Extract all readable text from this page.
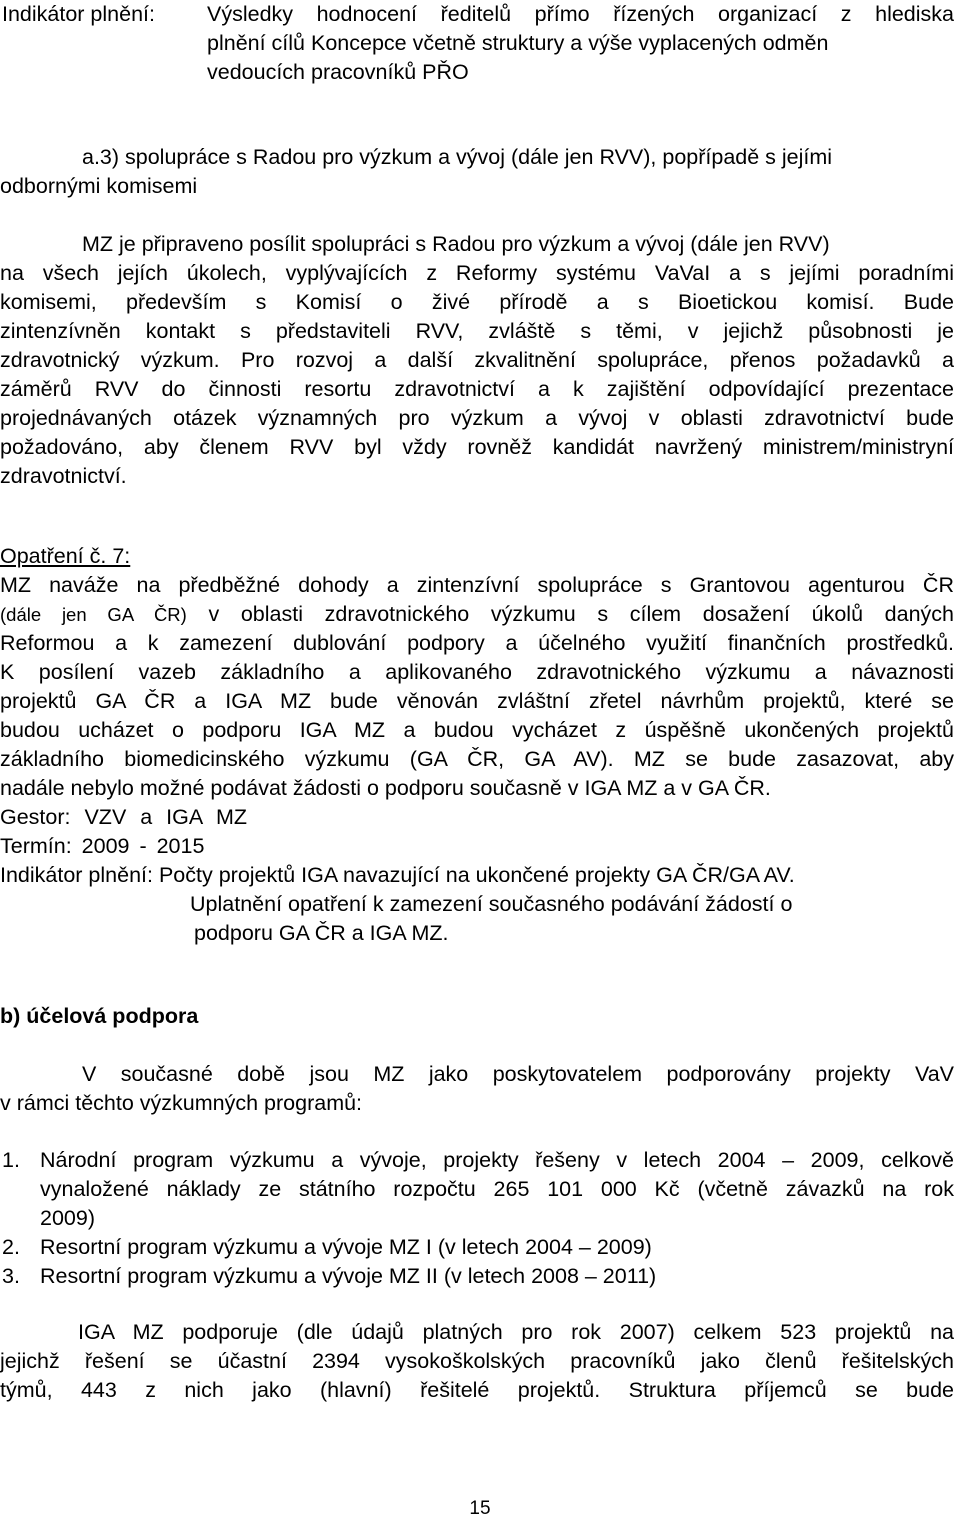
Indikátor plnění: Výsledky hodnocení ředitelů přímo řízených organizací z hlediska
plnění cílů Koncepce včetně struktury a výše vyplacených odměn
vedoucích pracovníků PŘO
a.3) spolupráce s Radou pro výzkum a vývoj (dále jen RVV), popřípadě s jejími
odbornými komisemi
MZ je připraveno posílit spolupráci s Radou pro výzkum a vývoj (dále jen RVV)
na všech jejích úkolech, vyplývajících z Reformy systému VaVaI a s jejími poradními
komisemi, především s Komisí o živé přírodě a s Bioetickou komisí. Bude
zintenzívněn kontakt s představiteli RVV, zvláště s těmi, v jejichž působnosti je
zdravotnický výzkum. Pro rozvoj a další zkvalitnění spolupráce, přenos požadavků a
záměrů RVV do činnosti resortu zdravotnictví a k zajištění odpovídající prezentace
projednávaných otázek významných pro výzkum a vývoj v oblasti zdravotnictví bude
požadováno, aby členem RVV byl vždy rovněž kandidát navržený ministrem/ministryní
zdravotnictví.
Opatření č. 7:
MZ naváže na předběžné dohody a zintenzívní spolupráce s Grantovou agenturou ČR
(dále jen GA ČR) v oblasti zdravotnického výzkumu s cílem dosažení úkolů daných
Reformou a k zamezení dublování podpory a účelného využití finančních prostředků.
K posílení vazeb základního a aplikovaného zdravotnického výzkumu a návaznosti
projektů GA ČR a IGA MZ bude věnován zvláštní zřetel návrhům projektů, které se
budou ucházet o podporu IGA MZ a budou vycházet z úspěšně ukončených projektů
základního biomedicinského výzkumu (GA ČR, GA AV). MZ se bude zasazovat, aby
nadále nebylo možné podávat žádosti o podporu současně v IGA MZ a v GA ČR.
Gestor: VZV a IGA MZ
Termín: 2009 - 2015
Indikátor plnění: Počty projektů IGA navazující na ukončené projekty GA ČR/GA AV.
Uplatnění opatření k zamezení současného podávání žádostí o
podporu GA ČR a IGA MZ.
b) účelová podpora
V současné době jsou MZ jako poskytovatelem podporovány projekty VaV
v rámci těchto výzkumných programů:
1. Národní program výzkumu a vývoje, projekty řešeny v letech 2004 – 2009, celkově
vynaložené náklady ze státního rozpočtu 265 101 000 Kč (včetně závazků na rok
2009)
2. Resortní program výzkumu a vývoje MZ I (v letech 2004 – 2009)
3. Resortní program výzkumu a vývoje MZ II (v letech 2008 – 2011)
IGA MZ podporuje (dle údajů platných pro rok 2007) celkem 523 projektů na
jejichž řešení se účastní 2394 vysokoškolských pracovníků jako členů řešitelských
týmů, 443 z nich jako (hlavní) řešitelé projektů. Struktura příjemců se bude
15
